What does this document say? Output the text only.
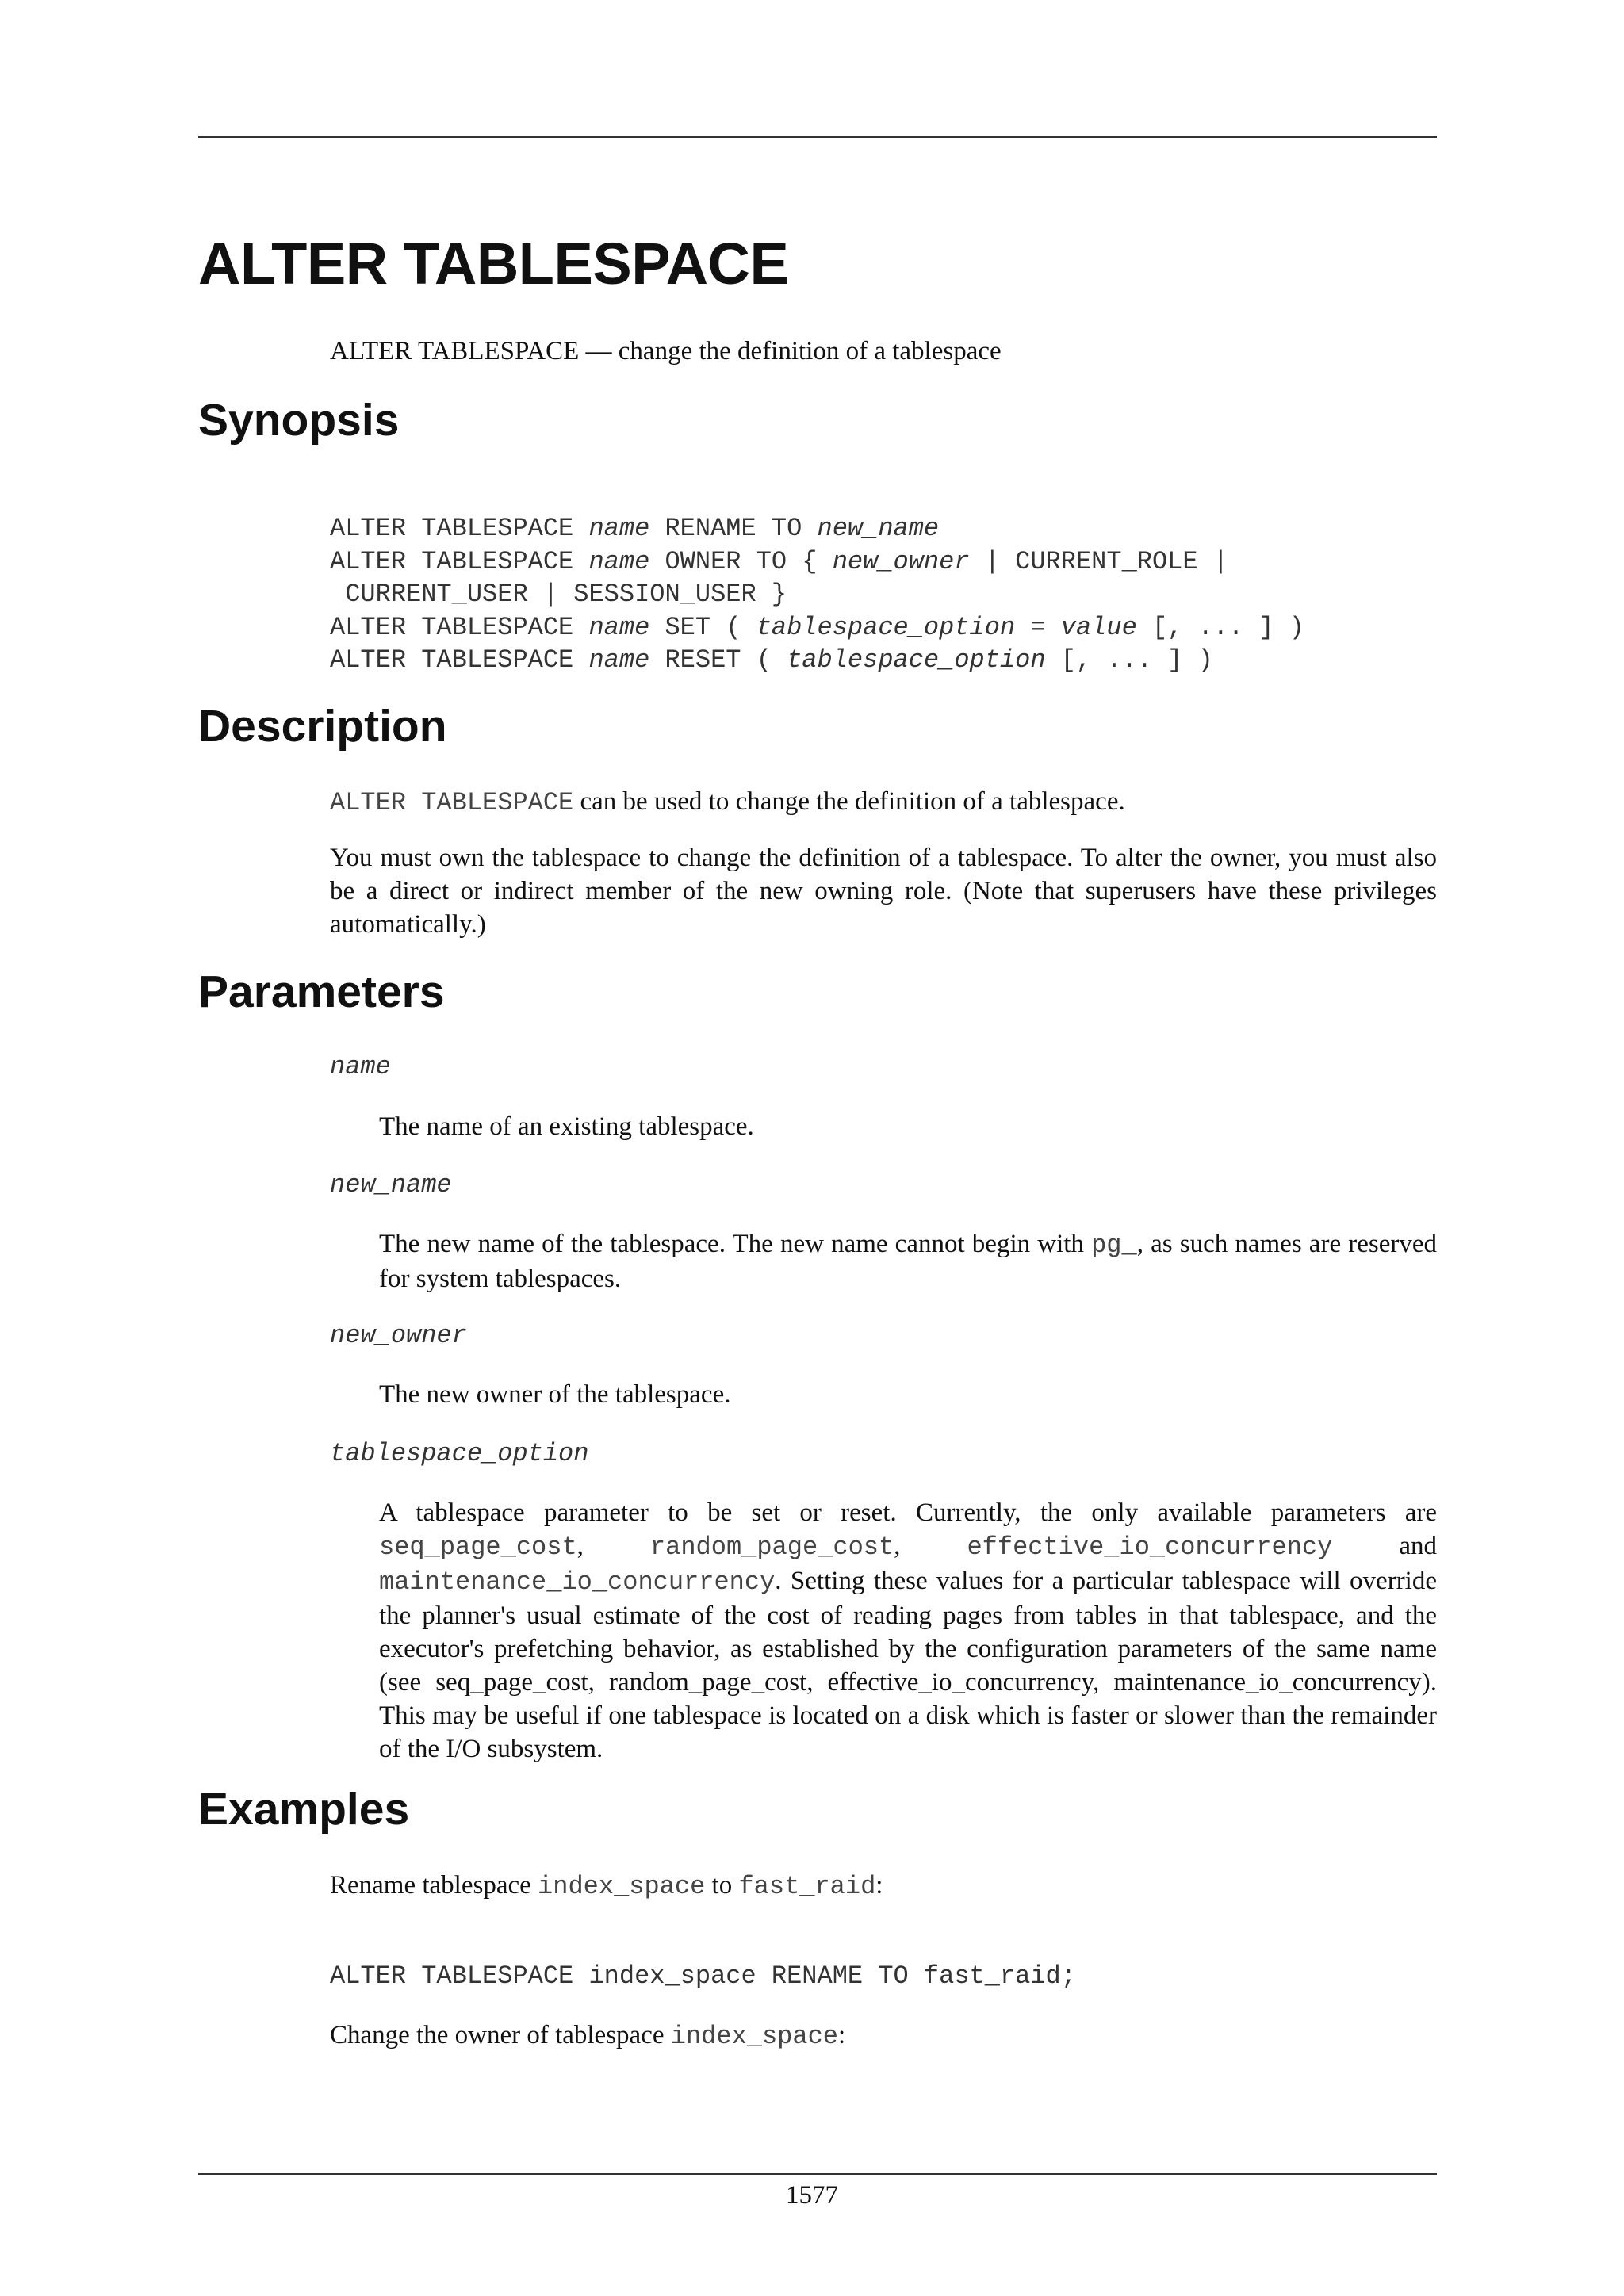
ALTER TABLESPACE
ALTER TABLESPACE — change the definition of a tablespace
Synopsis
ALTER TABLESPACE name RENAME TO new_name
ALTER TABLESPACE name OWNER TO { new_owner | CURRENT_ROLE |
CURRENT_USER | SESSION_USER }
ALTER TABLESPACE name SET ( tablespace_option = value [, ... ] )
ALTER TABLESPACE name RESET ( tablespace_option [, ... ] )
Description

ALTER TABLESPACE can be used to change the definition of a tablespace.

You must own the tablespace to change the definition of a tablespace. To alter the owner, you must also be a direct or indirect member of the new owning role. (Note that superusers have these privileges automatically.)

Parameters
name

The name of an existing tablespace.

new_name

The new name of the tablespace. The new name cannot begin with pg_, as such names are reserved for system tablespaces.

new_owner

The new owner of the tablespace.

tablespace_option

A tablespace parameter to be set or reset. Currently, the only available parameters are seq_page_cost, random_page_cost, effective_io_concurrency and maintenance_io_concurrency. Setting these values for a particular tablespace will override the planner's usual estimate of the cost of reading pages from tables in that tablespace, and the executor's prefetching behavior, as established by the configuration parameters of the same name (see seq_page_cost, random_page_cost, effective_io_concurrency, maintenance_io_concurrency). This may be useful if one tablespace is located on a disk which is faster or slower than the remainder of the I/O subsystem.

Examples

Rename tablespace index_space to fast_raid:

ALTER TABLESPACE index_space RENAME TO fast_raid;

Change the owner of tablespace index_space:

1577
